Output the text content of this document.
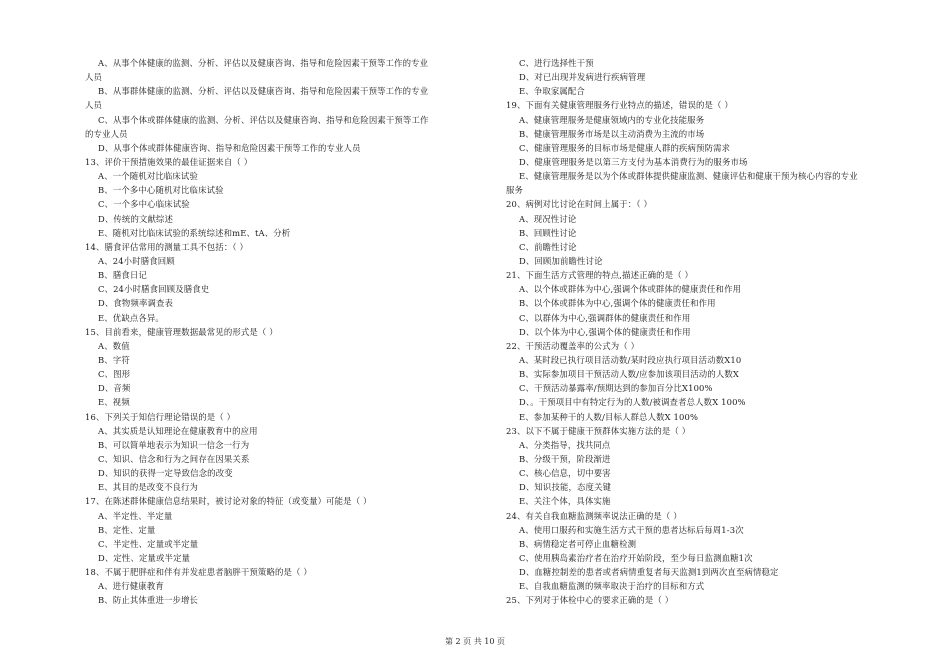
A、从事个体健康的监测、分析、评估以及健康咨询、指导和危险因素干预等工作的专业
人员
B、从事群体健康的监测、分析、评估以及健康咨询、指导和危险因素干预等工作的专业
人员
C、从事个体或群体健康的监测、分析、评估以及健康咨询、指导和危险因素干预等工作
的专业人员
D、从事个体或群体健康咨询、指导和危险因素干预等工作的专业人员
13、评价干预措施效果的最佳证据来自（ ）
A、一个随机对比临床试验
B、一个多中心随机对比临床试验
C、一个多中心临床试验
D、传统的文献综述
E、随机对比临床试验的系统综述和mE、tA、分析
14、膳食评估常用的测量工具不包括：（ ）
A、24小时膳食回顾
B、膳食日记
C、24小时膳食回顾及膳食史
D、食物频率调查表
E、优缺点各异。
15、目前看来，健康管理数据最常见的形式是（ ）
A、数值
B、字符
C、图形
D、音频
E、视频
16、下列关于知信行理论错误的是（ ）
A、其实质是认知理论在健康教育中的应用
B、可以简单地表示为知识一信念一行为
C、知识、信念和行为之间存在因果关系
D、知识的获得一定导致信念的改变
E、其目的是改变不良行为
17、在陈述群体健康信息结果时，被讨论对象的特征（或变量）可能是（ ）
A、半定性、半定量
B、定性、定量
C、半定性、定量或半定量
D、定性、定量或半定量
18、不属于肥胖症和伴有并发症患者脑胖干预策略的是（ ）
A、进行健康教育
B、防止其体重进一步增长
C、进行选择性干预
D、对已出现并发病进行疾病管理
E、争取家属配合
19、下面有关健康管理服务行业特点的描述，错误的是（ ）
A、健康管理服务是健康领域内的专业化技能服务
B、健康管理服务市场是以主动消费为主流的市场
C、健康管理服务的目标市场是健康人群的疾病预防需求
D、健康管理服务是以第三方支付为基本消费行为的服务市场
E、健康管理服务是以为个体或群体提供健康监测、健康评估和健康干预为核心内容的专业
服务
20、病例对比讨论在时间上属于：（ ）
A、现况性讨论
B、回顾性讨论
C、前瞻性讨论
D、回顾加前瞻性讨论
21、下面生活方式管理的特点,描述正确的是（ ）
A、以个体或群体为中心,强调个体或群体的健康责任和作用
B、以个体或群体为中心,强调个体的健康责任和作用
C、以群体为中心,强调群体的健康责任和作用
D、以个体为中心,强调个体的健康责任和作用
22、干预活动覆盖率的公式为（ ）
A、某时段已执行项目活动数/某时段应执行项目活动数X10
B、实际参加项目干预活动人数/应参加该项目活动的人数X
C、干预活动暴露率/预期达到的参加百分比X100%
D、。干预项目中有特定行为的人数/被调查者总人数X 100%
E、参加某种干的人数/目标人群总人数X 100%
23、以下不属于健康干预群体实施方法的是（ ）
A、分类指导，找共同点
B、分级干预，阶段渐进
C、核心信息，切中要害
D、知识技能，态度关键
E、关注个体，具体实施
24、有关自我血糖监测频率说法正确的是（ ）
A、使用口服药和实施生活方式干预的患者达标后每周1-3次
B、病情稳定者可停止血糖检测
C、使用胰岛素治疗者在治疗开始阶段，至少每日监测血糖1次
D、血糖控制差的患者或者病情重复者每天监测1到两次直至病情稳定
E、自我血糖监测的频率取决于治疗的目标和方式
25、下列对于体检中心的要求正确的是（ ）
第 2 页 共 10 页
